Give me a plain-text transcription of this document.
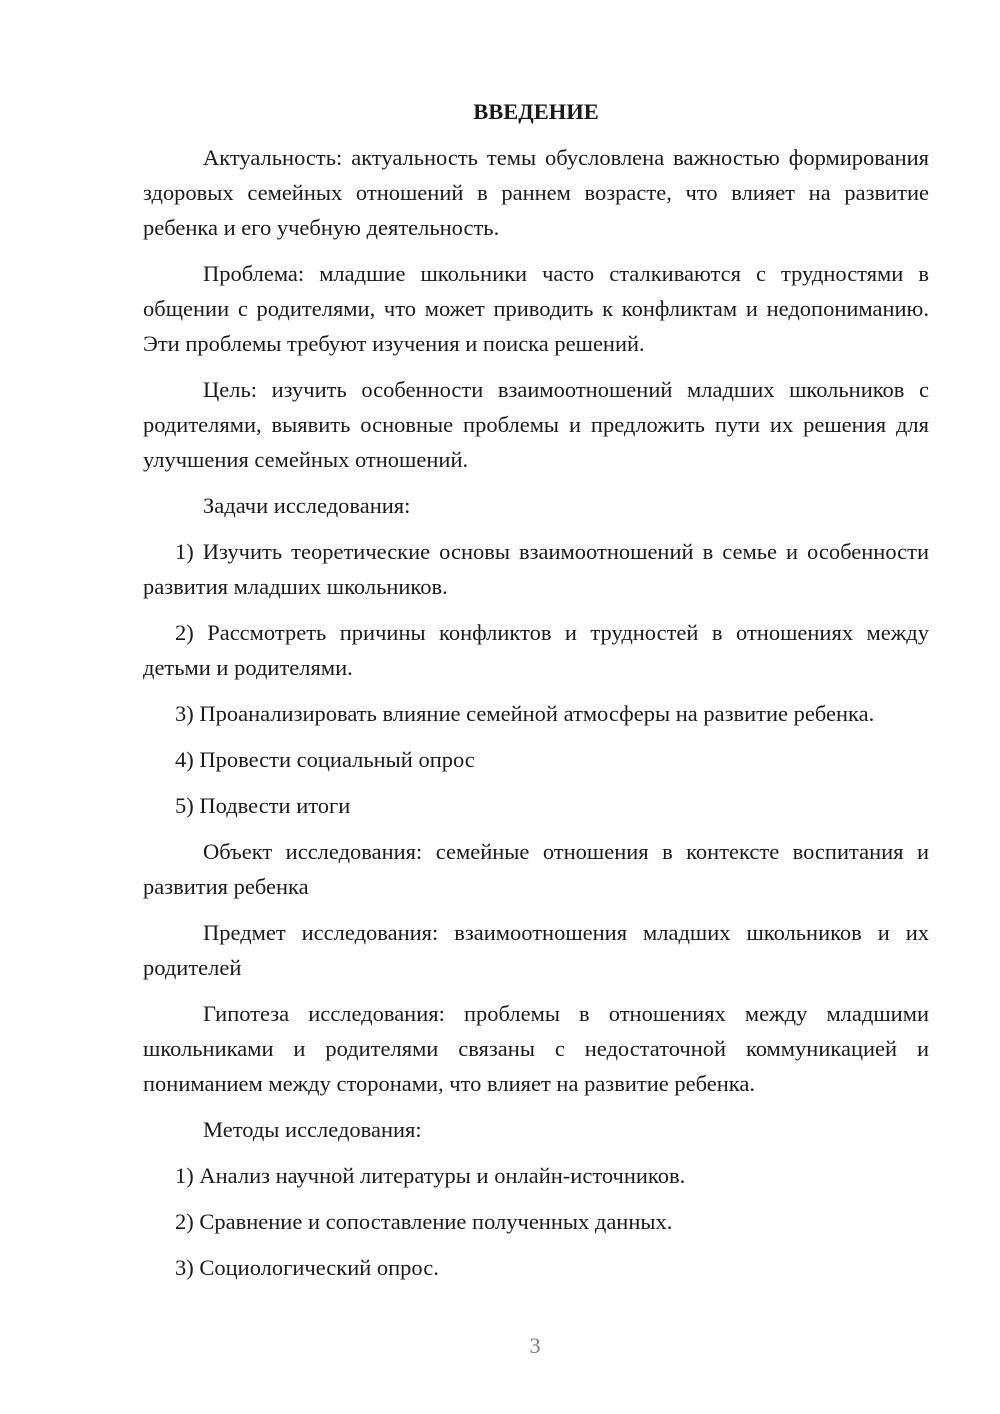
ВВЕДЕНИЕ

Актуальность: актуальность темы обусловлена важностью формирования здоровых семейных отношений в раннем возрасте, что влияет на развитие ребенка и его учебную деятельность.

Проблема: младшие школьники часто сталкиваются с трудностями в общении с родителями, что может приводить к конфликтам и недопониманию. Эти проблемы требуют изучения и поиска решений.

Цель: изучить особенности взаимоотношений младших школьников с родителями, выявить основные проблемы и предложить пути их решения для улучшения семейных отношений.

Задачи исследования:

1) Изучить теоретические основы взаимоотношений в семье и особенности развития младших школьников.

2) Рассмотреть причины конфликтов и трудностей в отношениях между детьми и родителями.

3) Проанализировать влияние семейной атмосферы на развитие ребенка.

4) Провести социальный опрос

5) Подвести итоги

Объект исследования: семейные отношения в контексте воспитания и развития ребенка

Предмет исследования: взаимоотношения младших школьников и их родителей

Гипотеза исследования: проблемы в отношениях между младшими школьниками и родителями связаны с недостаточной коммуникацией и пониманием между сторонами, что влияет на развитие ребенка.

Методы исследования:

1) Анализ научной литературы и онлайн-источников.

2) Сравнение и сопоставление полученных данных.

3) Социологический опрос.

3
